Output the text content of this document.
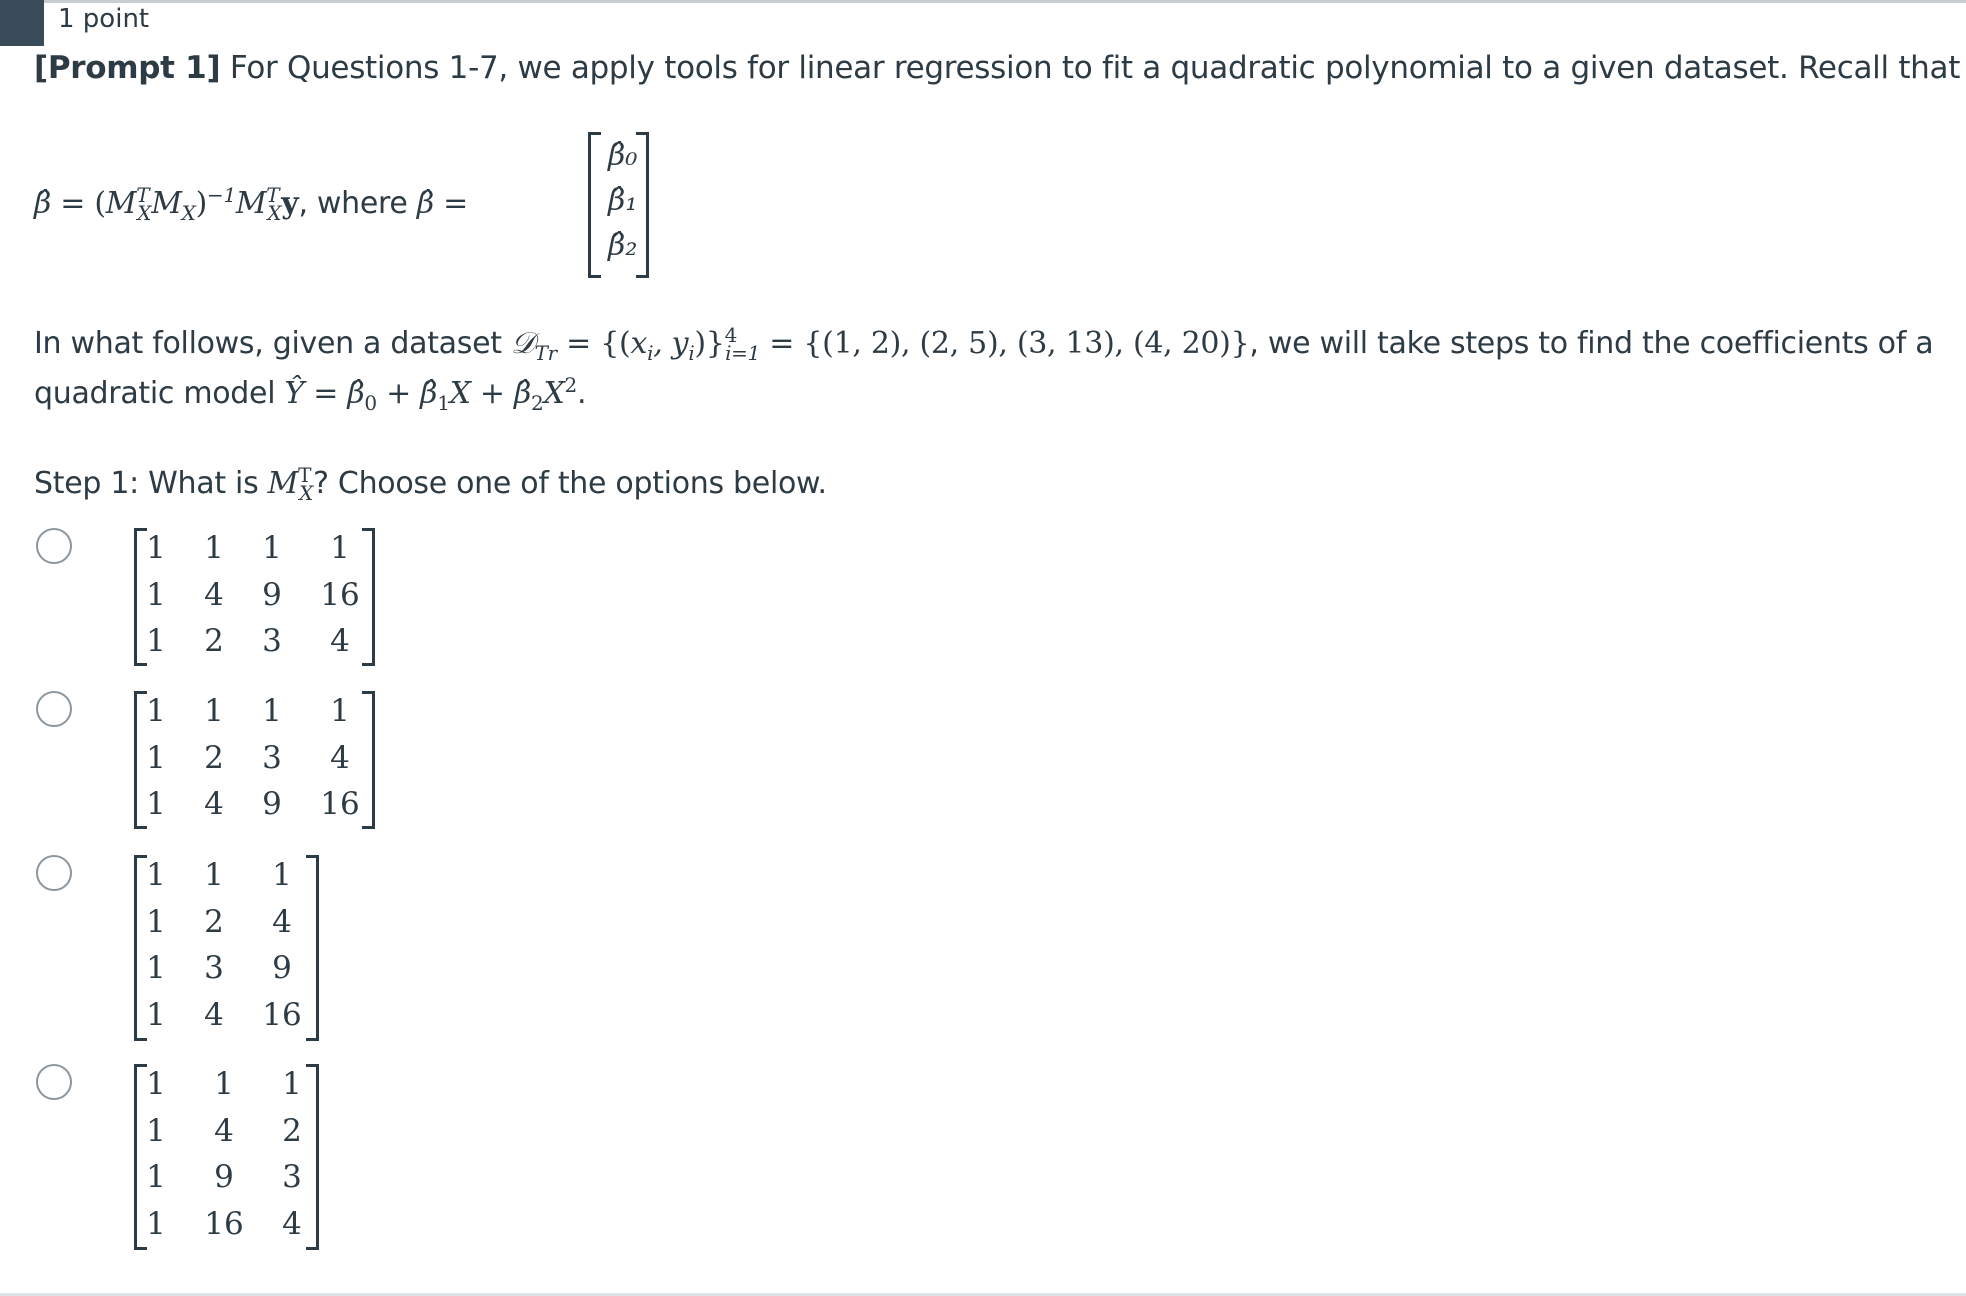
1 point
[Prompt 1] For Questions 1-7, we apply tools for linear regression to fit a quadratic polynomial to a given dataset. Recall that
β̂ = $(M^T_XM_X)^{-1}M^T_Xy$, where β̂ =
β̂₀
β̂₁
β̂₂
In what follows, given a dataset 𝒟$_{Tr}$ = {($x_i$, $y_i)\}^4_{i=1} = \{(1$, 2), (2, 5), (3, 13), (4, 20)}, we will take steps to find the coefficients of a
quadratic model Ŷ = $\betâ_0$ + $\betâ_1X$ + $\betâ_2X^2$.
Step 1: What is $M^T_X$? Choose one of the options below.
1 1 1 1
1 4 9 16
1 2 3 4
1 1 1 1
1 2 3 4
1 4 9 16
1 1 1
1 2 4
1 3 9
1 4 16
1 1 1
1 4 2
1 9 3
1 16 4
